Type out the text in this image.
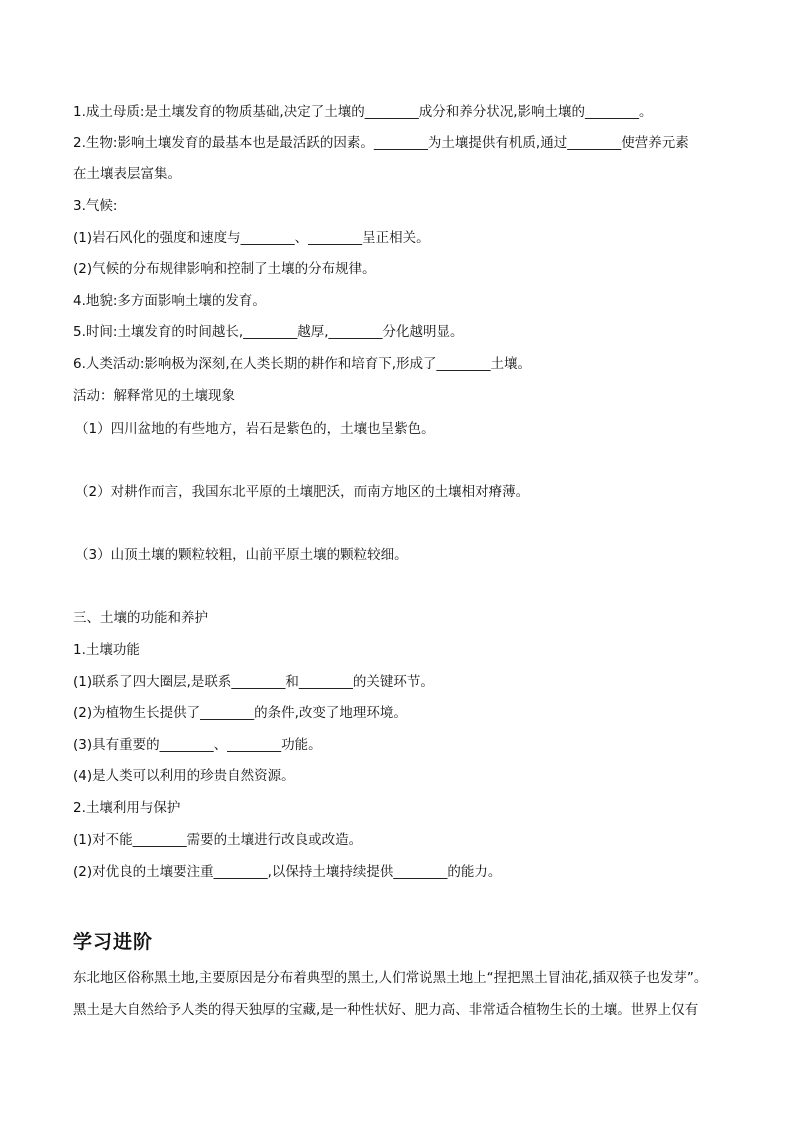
1.成土母质:是土壤发育的物质基础,决定了土壤的________成分和养分状况,影响土壤的________。
2.生物:影响土壤发育的最基本也是最活跃的因素。________为土壤提供有机质,通过________使营养元素
在土壤表层富集。
3.气候:
(1)岩石风化的强度和速度与________、________呈正相关。
(2)气候的分布规律影响和控制了土壤的分布规律。
4.地貌:多方面影响土壤的发育。
5.时间:土壤发育的时间越长,________越厚,________分化越明显。
6.人类活动:影响极为深刻,在人类长期的耕作和培育下,形成了________土壤。
活动：解释常见的土壤现象
（1）四川盆地的有些地方，岩石是紫色的，土壤也呈紫色。
（2）对耕作而言，我国东北平原的土壤肥沃，而南方地区的土壤相对瘠薄。
（3）山顶土壤的颗粒较粗，山前平原土壤的颗粒较细。
三、土壤的功能和养护
1.土壤功能
(1)联系了四大圈层,是联系________和________的关键环节。
(2)为植物生长提供了________的条件,改变了地理环境。
(3)具有重要的________、________功能。
(4)是人类可以利用的珍贵自然资源。
2.土壤利用与保护
(1)对不能________需要的土壤进行改良或改造。
(2)对优良的土壤要注重________,以保持土壤持续提供________的能力。
学习进阶
东北地区俗称黑土地,主要原因是分布着典型的黑土,人们常说黑土地上“捏把黑土冒油花,插双筷子也发芽”。
黑土是大自然给予人类的得天独厚的宝藏,是一种性状好、肥力高、非常适合植物生长的土壤。世界上仅有
